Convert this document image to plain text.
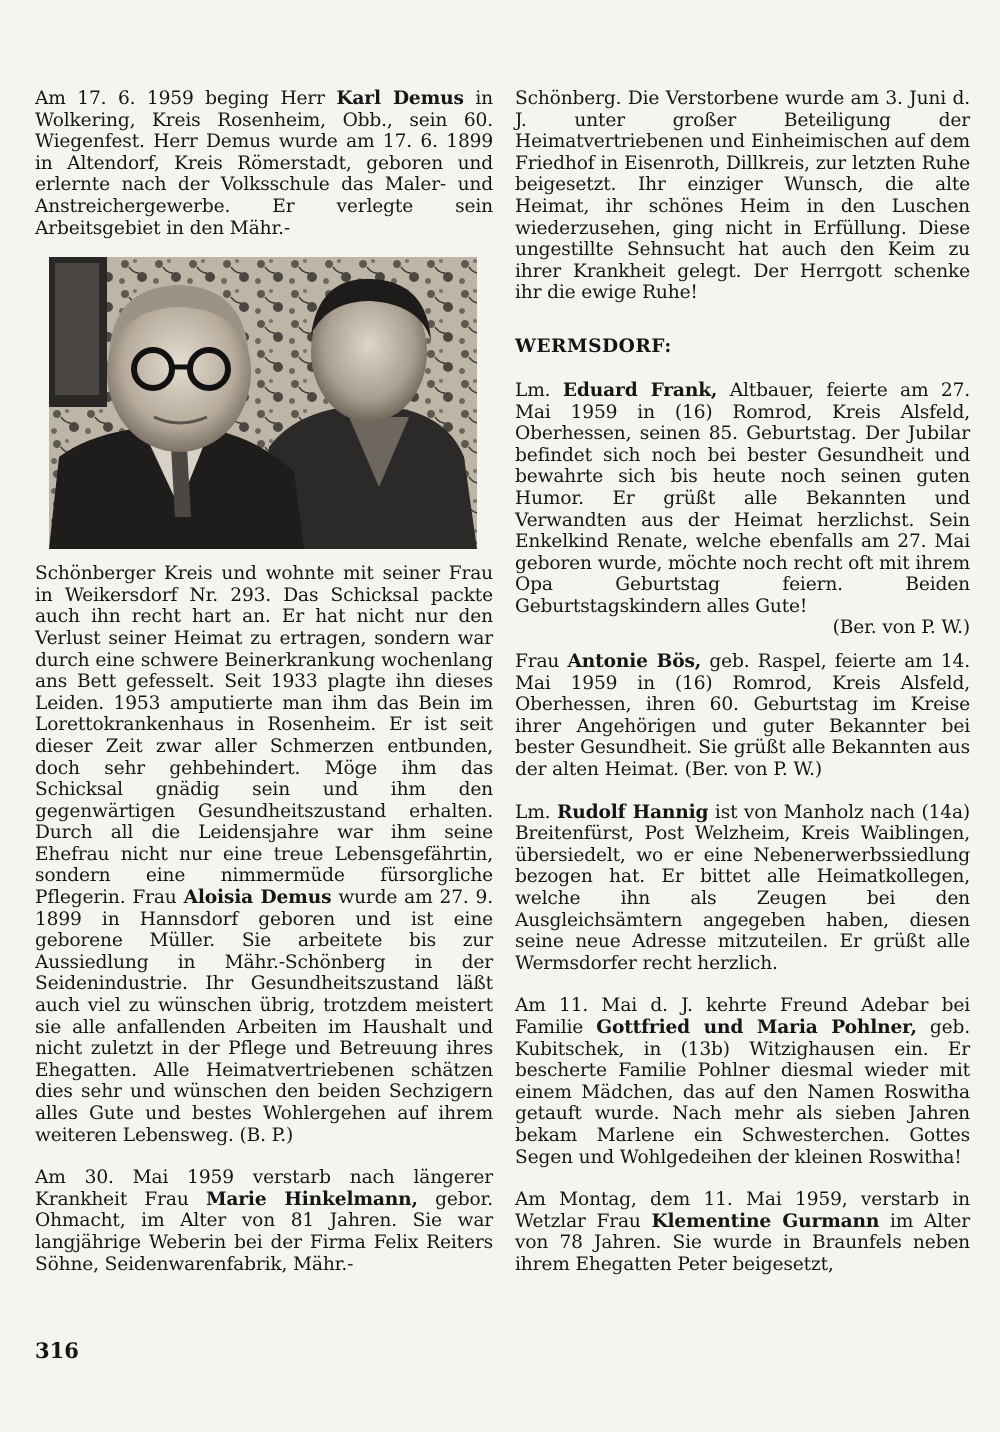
Am 17. 6. 1959 beging Herr Karl Demus in Wolkering, Kreis Rosenheim, Obb., sein 60. Wiegenfest. Herr Demus wurde am 17. 6. 1899 in Altendorf, Kreis Römerstadt, geboren und erlernte nach der Volksschule das Maler- und Anstreichergewerbe. Er verlegte sein Arbeitsgebiet in den Mähr.-

Schönberger Kreis und wohnte mit seiner Frau in Weikersdorf Nr. 293. Das Schicksal packte auch ihn recht hart an. Er hat nicht nur den Verlust seiner Heimat zu ertragen, sondern war durch eine schwere Beinerkrankung wochenlang ans Bett gefesselt. Seit 1933 plagte ihn dieses Leiden. 1953 amputierte man ihm das Bein im Lorettokrankenhaus in Rosenheim. Er ist seit dieser Zeit zwar aller Schmerzen entbunden, doch sehr gehbehindert. Möge ihm das Schicksal gnädig sein und ihm den gegenwärtigen Gesundheitszustand erhalten. Durch all die Leidensjahre war ihm seine Ehefrau nicht nur eine treue Lebensgefährtin, sondern eine nimmermüde fürsorgliche Pflegerin. Frau Aloisia Demus wurde am 27. 9. 1899 in Hannsdorf geboren und ist eine geborene Müller. Sie arbeitete bis zur Aussiedlung in Mähr.-Schönberg in der Seidenindustrie. Ihr Gesundheitszustand läßt auch viel zu wünschen übrig, trotzdem meistert sie alle anfallenden Arbeiten im Haushalt und nicht zuletzt in der Pflege und Betreuung ihres Ehegatten. Alle Heimatvertriebenen schätzen dies sehr und wünschen den beiden Sechzigern alles Gute und bestes Wohlergehen auf ihrem weiteren Lebensweg. (B. P.)

Am 30. Mai 1959 verstarb nach längerer Krankheit Frau Marie Hinkelmann, gebor. Ohmacht, im Alter von 81 Jahren. Sie war langjährige Weberin bei der Firma Felix Reiters Söhne, Seidenwarenfabrik, Mähr.-

Schönberg. Die Verstorbene wurde am 3. Juni d. J. unter großer Beteiligung der Heimatvertriebenen und Einheimischen auf dem Friedhof in Eisenroth, Dillkreis, zur letzten Ruhe beigesetzt. Ihr einziger Wunsch, die alte Heimat, ihr schönes Heim in den Luschen wiederzusehen, ging nicht in Erfüllung. Diese ungestillte Sehnsucht hat auch den Keim zu ihrer Krankheit gelegt. Der Herrgott schenke ihr die ewige Ruhe!

WERMSDORF:

Lm. Eduard Frank, Altbauer, feierte am 27. Mai 1959 in (16) Romrod, Kreis Alsfeld, Oberhessen, seinen 85. Geburtstag. Der Jubilar befindet sich noch bei bester Gesundheit und bewahrte sich bis heute noch seinen guten Humor. Er grüßt alle Bekannten und Verwandten aus der Heimat herzlichst. Sein Enkelkind Renate, welche ebenfalls am 27. Mai geboren wurde, möchte noch recht oft mit ihrem Opa Geburtstag feiern. Beiden Geburtstagskindern alles Gute!
(Ber. von P. W.)

Frau Antonie Bös, geb. Raspel, feierte am 14. Mai 1959 in (16) Romrod, Kreis Alsfeld, Oberhessen, ihren 60. Geburtstag im Kreise ihrer Angehörigen und guter Bekannter bei bester Gesundheit. Sie grüßt alle Bekannten aus der alten Heimat. (Ber. von P. W.)

Lm. Rudolf Hannig ist von Manholz nach (14a) Breitenfürst, Post Welzheim, Kreis Waiblingen, übersiedelt, wo er eine Nebenerwerbssiedlung bezogen hat. Er bittet alle Heimatkollegen, welche ihn als Zeugen bei den Ausgleichsämtern angegeben haben, diesen seine neue Adresse mitzuteilen. Er grüßt alle Wermsdorfer recht herzlich.

Am 11. Mai d. J. kehrte Freund Adebar bei Familie Gottfried und Maria Pohlner, geb. Kubitschek, in (13b) Witzighausen ein. Er bescherte Familie Pohlner diesmal wieder mit einem Mädchen, das auf den Namen Roswitha getauft wurde. Nach mehr als sieben Jahren bekam Marlene ein Schwesterchen. Gottes Segen und Wohlgedeihen der kleinen Roswitha!

Am Montag, dem 11. Mai 1959, verstarb in Wetzlar Frau Klementine Gurmann im Alter von 78 Jahren. Sie wurde in Braunfels neben ihrem Ehegatten Peter beigesetzt,

316
